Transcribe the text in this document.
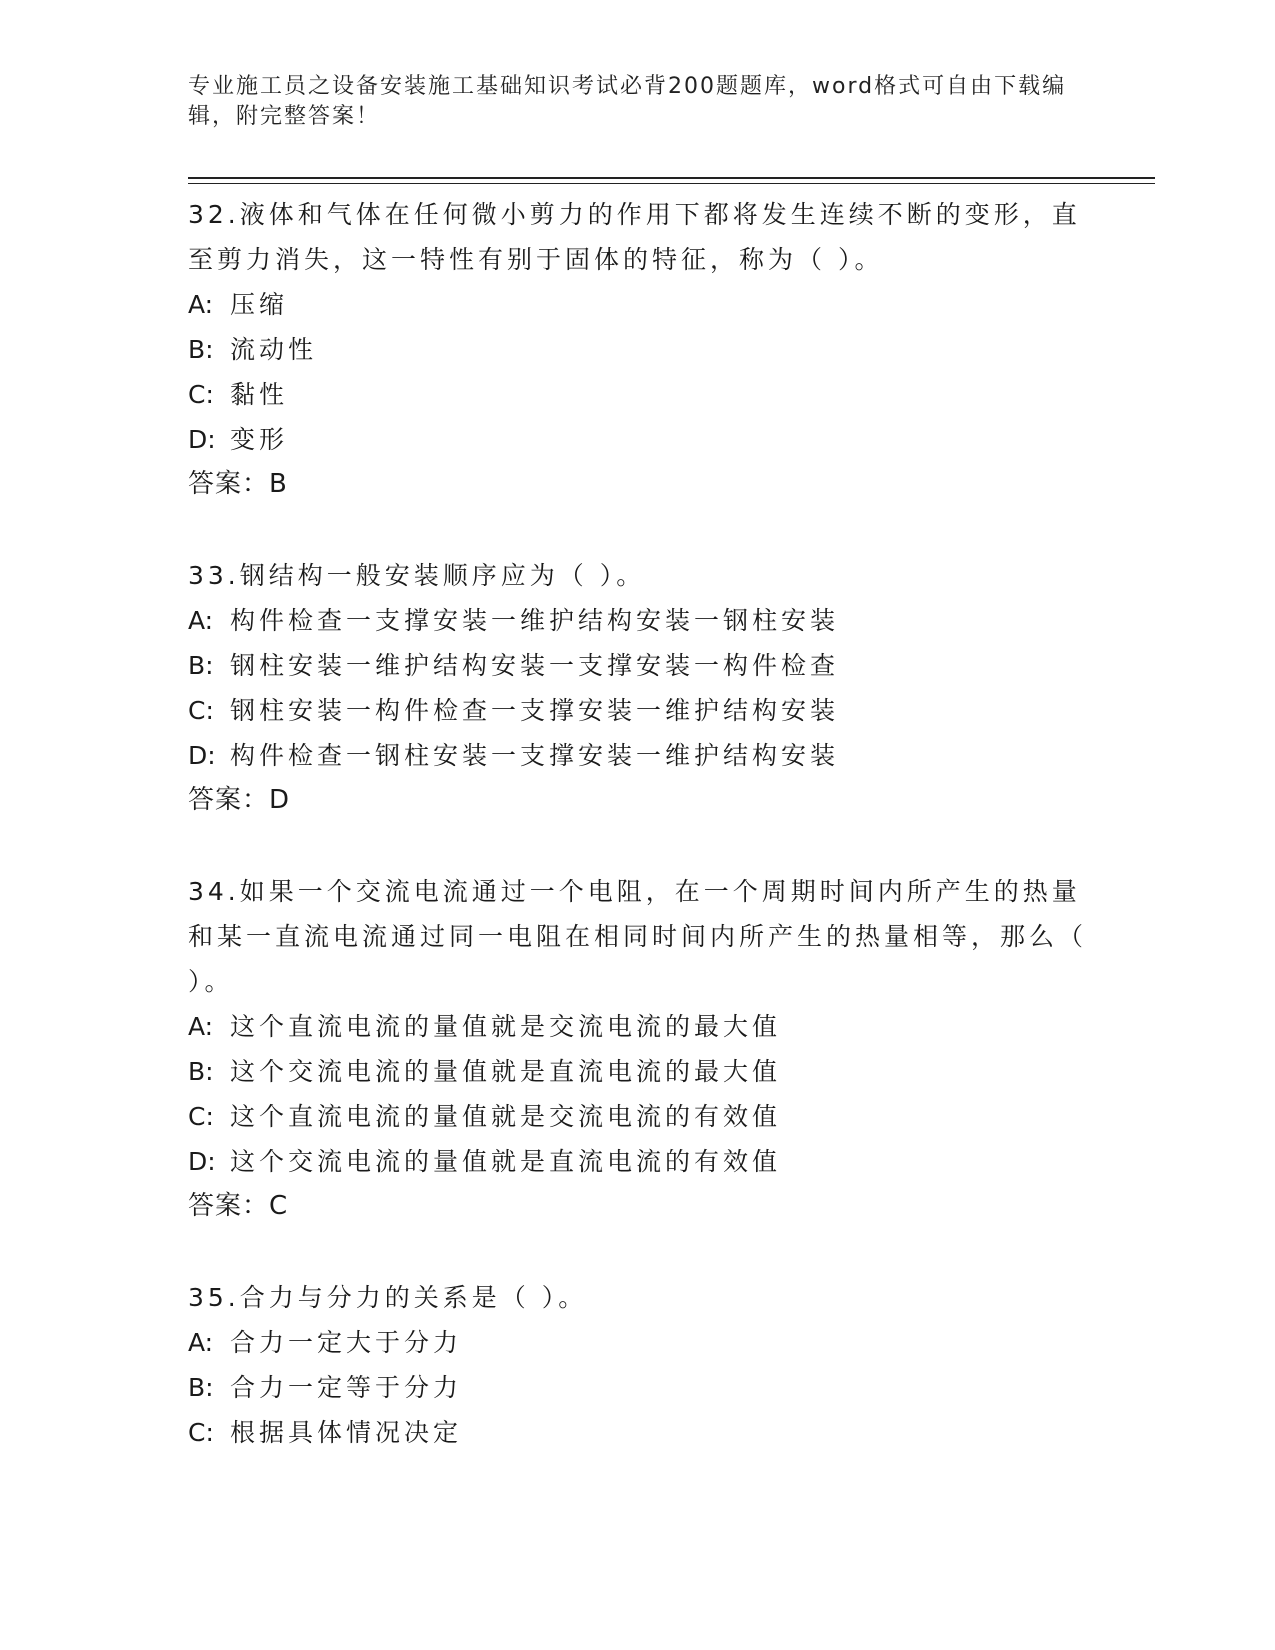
专业施工员之设备安装施工基础知识考试必背200题题库，word格式可自由下载编辑，附完整答案！

32.液体和气体在任何微小剪力的作用下都将发生连续不断的变形，直至剪力消失，这一特性有别于固体的特征，称为（ ）。

A: 压缩

B: 流动性

C: 黏性

D: 变形

答案：B

33.钢结构一般安装顺序应为（ ）。

A: 构件检查一支撑安装一维护结构安装一钢柱安装

B: 钢柱安装一维护结构安装一支撑安装一构件检查

C: 钢柱安装一构件检查一支撑安装一维护结构安装

D: 构件检查一钢柱安装一支撑安装一维护结构安装

答案：D

34.如果一个交流电流通过一个电阻，在一个周期时间内所产生的热量和某一直流电流通过同一电阻在相同时间内所产生的热量相等，那么（ ）。

A: 这个直流电流的量值就是交流电流的最大值

B: 这个交流电流的量值就是直流电流的最大值

C: 这个直流电流的量值就是交流电流的有效值

D: 这个交流电流的量值就是直流电流的有效值

答案：C

35.合力与分力的关系是（ ）。

A: 合力一定大于分力

B: 合力一定等于分力

C: 根据具体情况决定
